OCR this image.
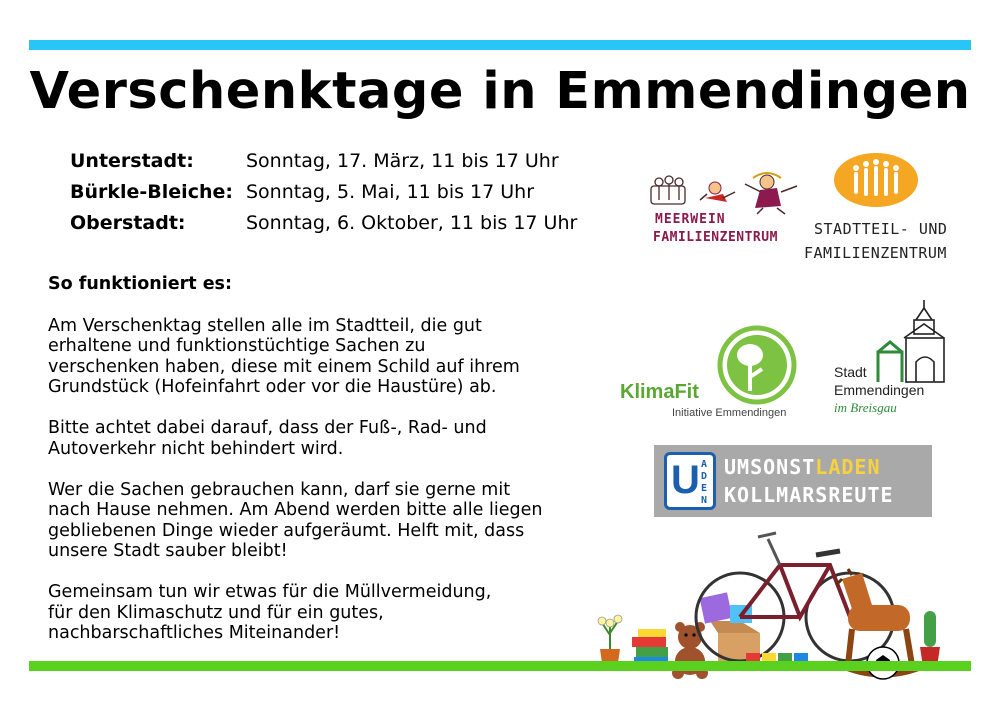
Verschenktage in Emmendingen
Unterstadt:	Sonntag, 17. März, 11 bis 17 Uhr
Bürkle-Bleiche: Sonntag, 5. Mai, 11 bis 17 Uhr
Oberstadt:	Sonntag, 6. Oktober, 11 bis 17 Uhr
So funktioniert es:

Am Verschenktag stellen alle im Stadtteil, die gut
erhaltene und funktionstüchtige Sachen zu
verschenken haben, diese mit einem Schild auf ihrem
Grundstück (Hofeinfahrt oder vor die Haustüre) ab.

Bitte achtet dabei darauf, dass der Fuß-, Rad- und
Autoverkehr nicht behindert wird.

Wer die Sachen gebrauchen kann, darf sie gerne mit
nach Hause nehmen. Am Abend werden bitte alle liegen
gebliebenen Dinge wieder aufgeräumt. Helft mit, dass
unsere Stadt sauber bleibt!

Gemeinsam tun wir etwas für die Müllvermeidung,
für den Klimaschutz und für ein gutes,
nachbarschaftliches Miteinander!

MEERWEIN
FAMILIENZENTRUM STADTTEIL- UND
FAMILIENZENTRUM
KlimaFit
Initiative Emmendingen
Stadt
Emmendingen
im Breisgau
U ADEN
UMSONSTLADEN
KOLLMARSREUTE
